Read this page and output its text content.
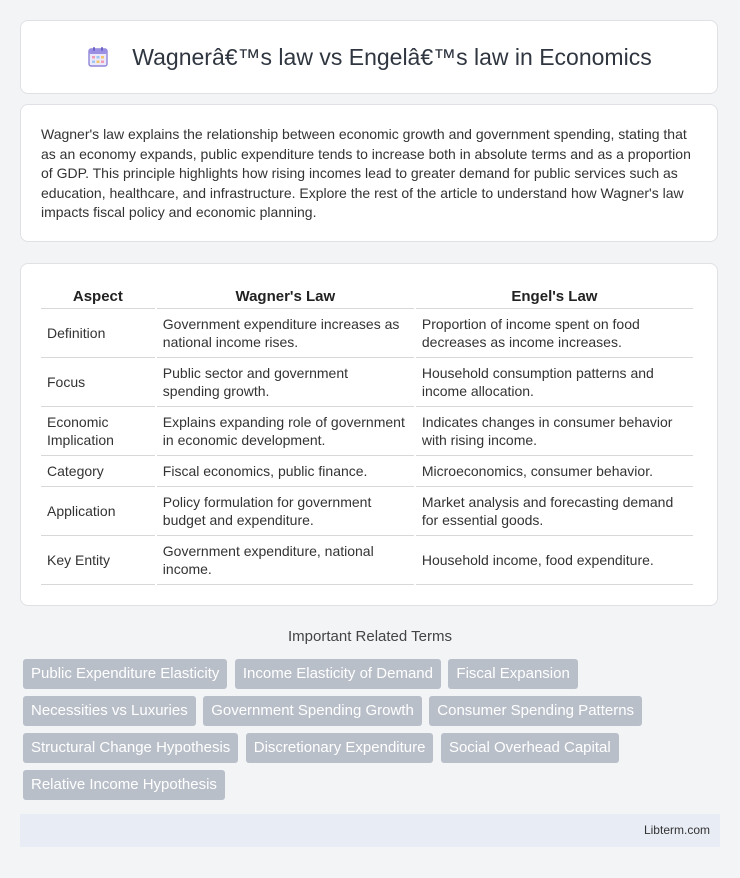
Wagnerâ€™s law vs Engelâ€™s law in Economics
Wagner's law explains the relationship between economic growth and government spending, stating that as an economy expands, public expenditure tends to increase both in absolute terms and as a proportion of GDP. This principle highlights how rising incomes lead to greater demand for public services such as education, healthcare, and infrastructure. Explore the rest of the article to understand how Wagner's law impacts fiscal policy and economic planning.
Aspect	Wagner's Law	Engel's Law
Definition	Government expenditure increases as national income rises.	Proportion of income spent on food decreases as income increases.
Focus	Public sector and government spending growth.	Household consumption patterns and income allocation.
Economic Implication	Explains expanding role of government in economic development.	Indicates changes in consumer behavior with rising income.
Category	Fiscal economics, public finance.	Microeconomics, consumer behavior.
Application	Policy formulation for government budget and expenditure.	Market analysis and forecasting demand for essential goods.
Key Entity	Government expenditure, national income.	Household income, food expenditure.
Important Related Terms
Public Expenditure Elasticity Income Elasticity of Demand Fiscal Expansion
Necessities vs Luxuries Government Spending Growth Consumer Spending Patterns
Structural Change Hypothesis Discretionary Expenditure Social Overhead Capital
Relative Income Hypothesis
Libterm.com
